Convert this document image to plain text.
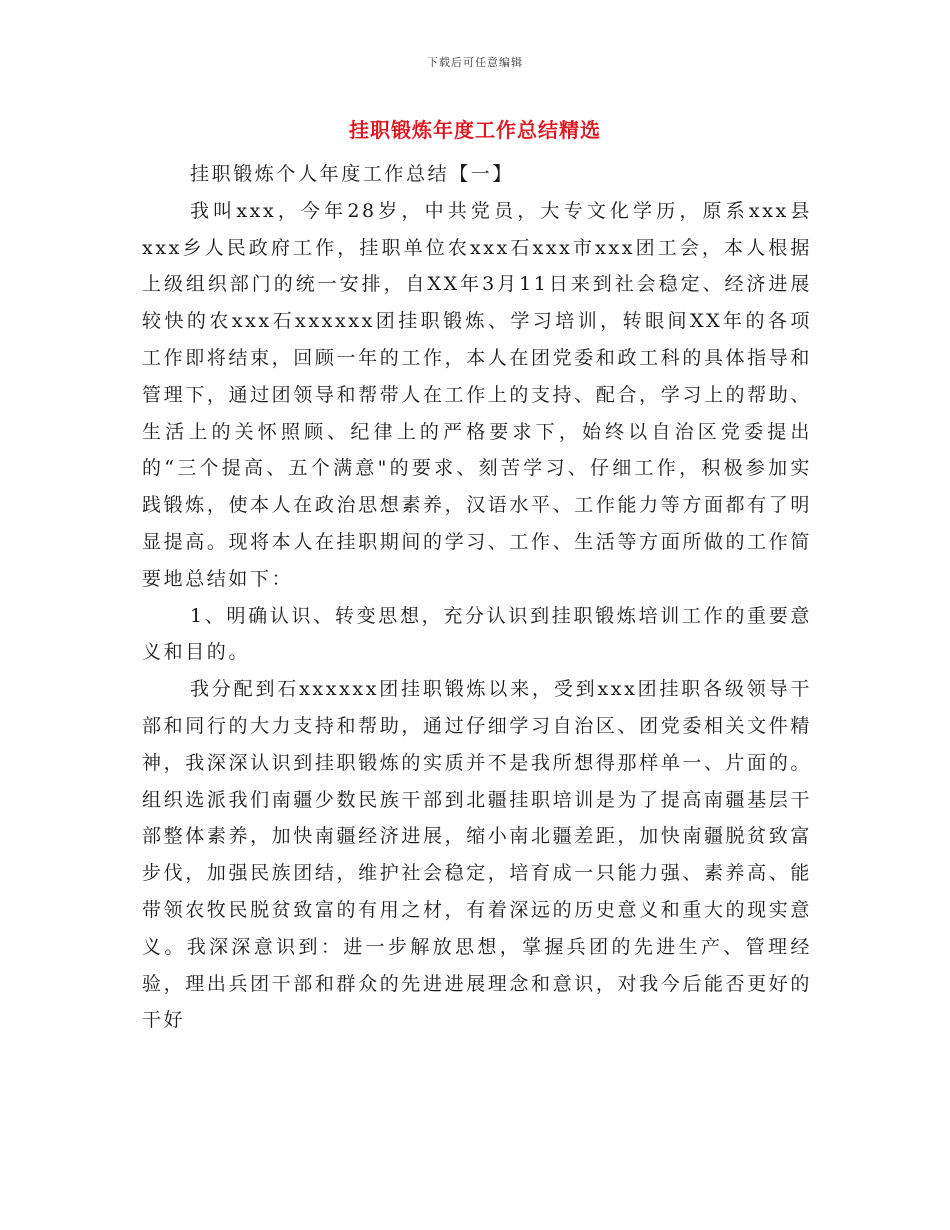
下载后可任意编辑
挂职锻炼年度工作总结精选

挂职锻炼个人年度工作总结【一】

我叫xxx，今年28岁，中共党员，大专文化学历，原系xxx县xxx乡人民政府工作，挂职单位农xxx石xxx市xxx团工会，本人根据上级组织部门的统一安排，自XX年3月11日来到社会稳定、经济进展较快的农xxx石xxxxxx团挂职锻炼、学习培训，转眼间XX年的各项工作即将结束，回顾一年的工作，本人在团党委和政工科的具体指导和管理下，通过团领导和帮带人在工作上的支持、配合，学习上的帮助、生活上的关怀照顾、纪律上的严格要求下，始终以自治区党委提出的“三个提高、五个满意"的要求、刻苦学习、仔细工作，积极参加实践锻炼，使本人在政治思想素养，汉语水平、工作能力等方面都有了明显提高。现将本人在挂职期间的学习、工作、生活等方面所做的工作简要地总结如下：

1、明确认识、转变思想，充分认识到挂职锻炼培训工作的重要意义和目的。

我分配到石xxxxxx团挂职锻炼以来，受到xxx团挂职各级领导干部和同行的大力支持和帮助，通过仔细学习自治区、团党委相关文件精神，我深深认识到挂职锻炼的实质并不是我所想得那样单一、片面的。组织选派我们南疆少数民族干部到北疆挂职培训是为了提高南疆基层干部整体素养，加快南疆经济进展，缩小南北疆差距，加快南疆脱贫致富步伐，加强民族团结，维护社会稳定，培育成一只能力强、素养高、能带领农牧民脱贫致富的有用之材，有着深远的历史意义和重大的现实意义。我深深意识到：进一步解放思想，掌握兵团的先进生产、管理经验，理出兵团干部和群众的先进进展理念和意识，对我今后能否更好的干好
